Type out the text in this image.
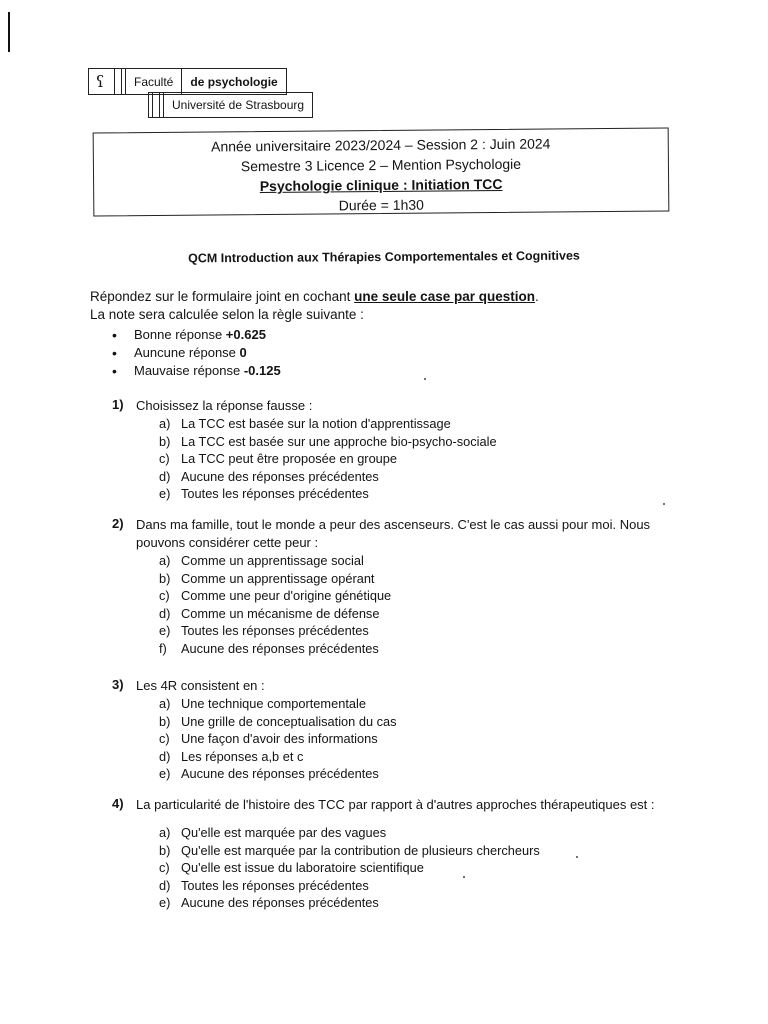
ʕ	Faculté	de psychologie
Université de Strasbourg
Année universitaire 2023/2024 – Session 2 : Juin 2024
Semestre 3 Licence 2 – Mention Psychologie
Psychologie clinique : Initiation TCC
Durée = 1h30
QCM Introduction aux Thérapies Comportementales et Cognitives
Répondez sur le formulaire joint en cochant une seule case par question.
La note sera calculée selon la règle suivante :
• Bonne réponse +0.625
• Auncune réponse 0
• Mauvaise réponse -0.125
1) Choisissez la réponse fausse :
a) La TCC est basée sur la notion d'apprentissage
b) La TCC est basée sur une approche bio-psycho-sociale
c) La TCC peut être proposée en groupe
d) Aucune des réponses précédentes
e) Toutes les réponses précédentes
2) Dans ma famille, tout le monde a peur des ascenseurs. C'est le cas aussi pour moi. Nous pouvons considérer cette peur :
a) Comme un apprentissage social
b) Comme un apprentissage opérant
c) Comme une peur d'origine génétique
d) Comme un mécanisme de défense
e) Toutes les réponses précédentes
f)	Aucune des réponses précédentes
3) Les 4R consistent en :
a) Une technique comportementale
b) Une grille de conceptualisation du cas
c) Une façon d'avoir des informations
d) Les réponses a,b et c
e) Aucune des réponses précédentes
4) La particularité de l'histoire des TCC par rapport à d'autres approches thérapeutiques est :
a) Qu'elle est marquée par des vagues
b) Qu'elle est marquée par la contribution de plusieurs chercheurs
c) Qu'elle est issue du laboratoire scientifique
d) Toutes les réponses précédentes
e) Aucune des réponses précédentes
